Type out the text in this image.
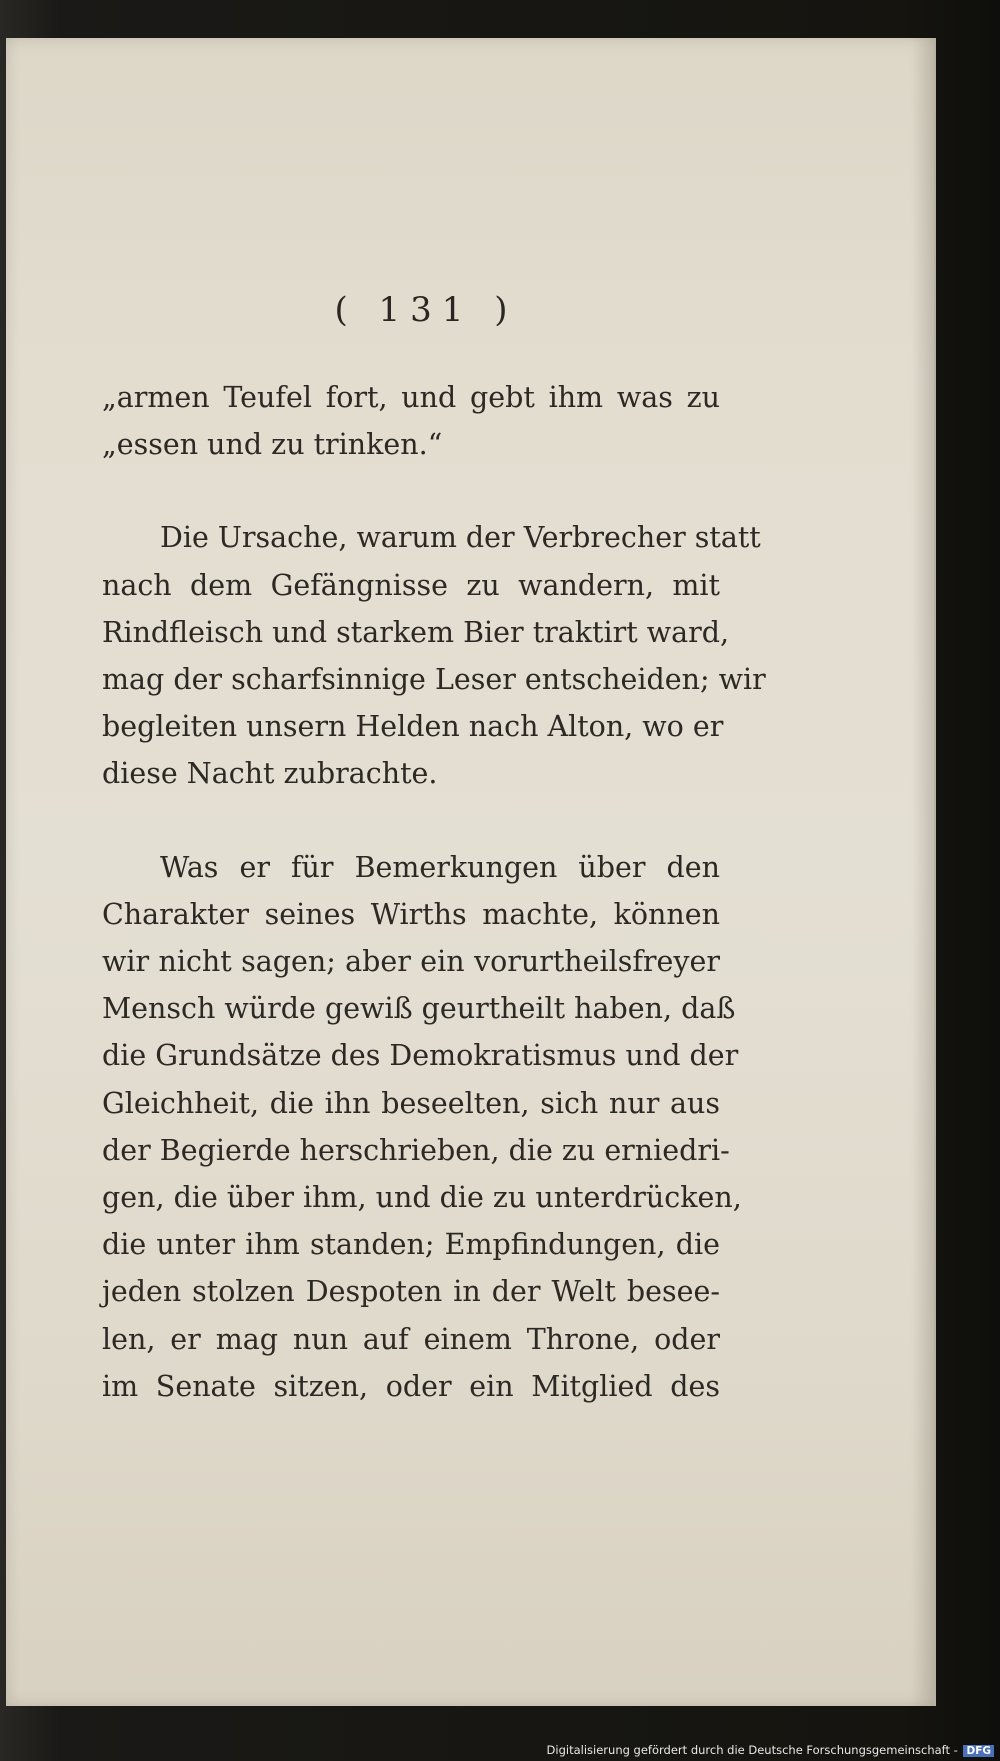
( 131 )
„armen Teufel fort, und gebt ihm was zu
„essen und zu trinken.“
Die Ursache, warum der Verbrecher statt
nach dem Gefängnisse zu wandern, mit
Rindfleisch und starkem Bier traktirt ward,
mag der scharfsinnige Leser entscheiden; wir
begleiten unsern Helden nach Alton, wo er
diese Nacht zubrachte.
Was er für Bemerkungen über den
Charakter seines Wirths machte, können
wir nicht sagen; aber ein vorurtheilsfreyer
Mensch würde gewiß geurtheilt haben, daß
die Grundsätze des Demokratismus und der
Gleichheit, die ihn beseelten, sich nur aus
der Begierde herschrieben, die zu erniedri-
gen, die über ihm, und die zu unterdrücken,
die unter ihm standen; Empfindungen, die
jeden stolzen Despoten in der Welt besee-
len, er mag nun auf einem Throne, oder
im Senate sitzen, oder ein Mitglied des
Digitalisierung gefördert durch die Deutsche Forschungsgemeinschaft - DFG
